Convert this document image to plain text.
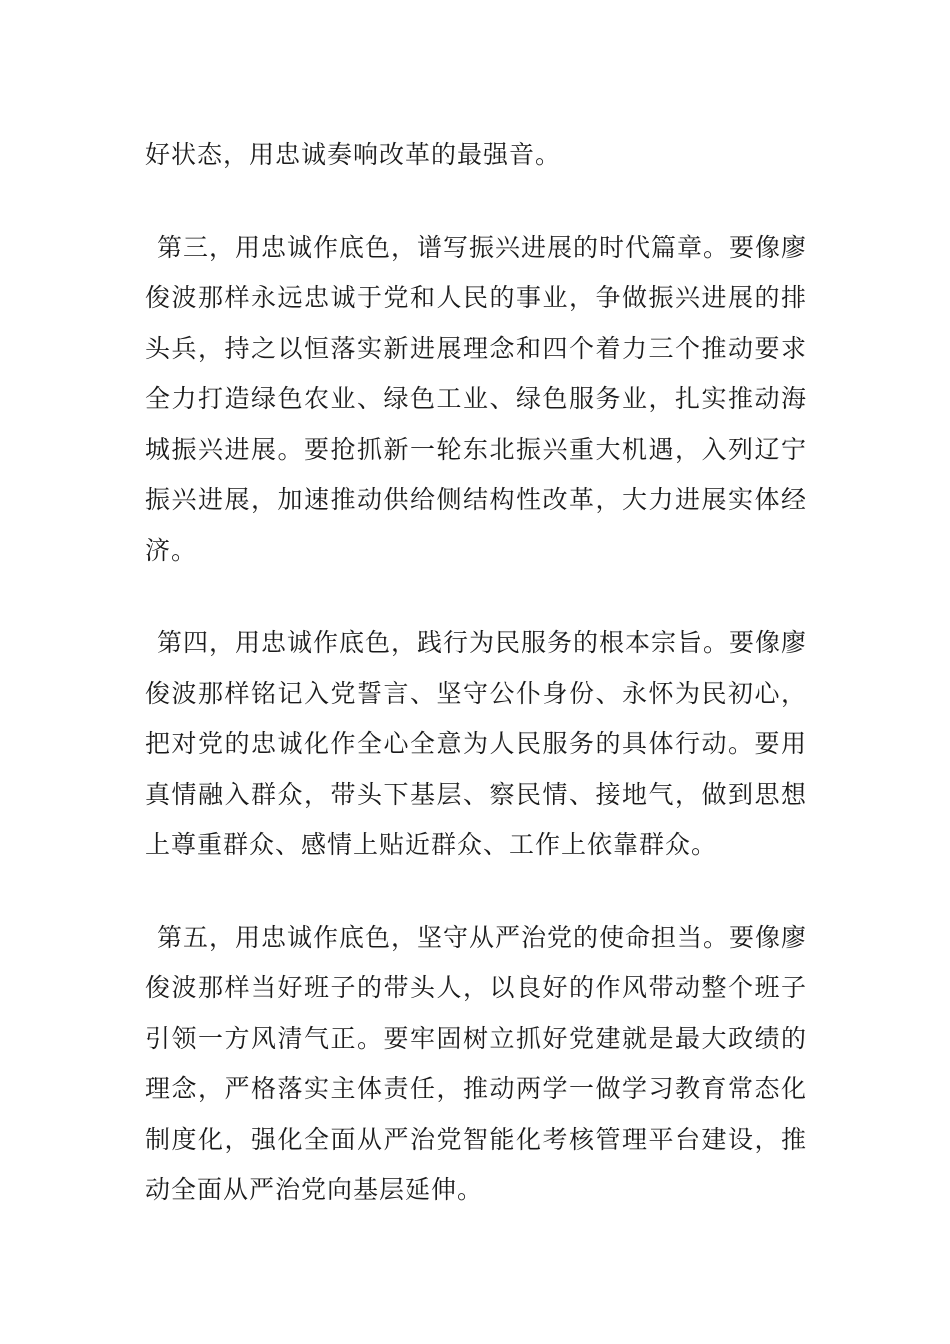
好状态，用忠诚奏响改革的最强音。

第三，用忠诚作底色，谱写振兴进展的时代篇章。要像廖俊波那样永远忠诚于党和人民的事业，争做振兴进展的排头兵，持之以恒落实新进展理念和四个着力三个推动要求全力打造绿色农业、绿色工业、绿色服务业，扎实推动海城振兴进展。要抢抓新一轮东北振兴重大机遇，入列辽宁振兴进展，加速推动供给侧结构性改革，大力进展实体经济。

第四，用忠诚作底色，践行为民服务的根本宗旨。要像廖俊波那样铭记入党誓言、坚守公仆身份、永怀为民初心，把对党的忠诚化作全心全意为人民服务的具体行动。要用真情融入群众，带头下基层、察民情、接地气，做到思想上尊重群众、感情上贴近群众、工作上依靠群众。

第五，用忠诚作底色，坚守从严治党的使命担当。要像廖俊波那样当好班子的带头人，以良好的作风带动整个班子引领一方风清气正。要牢固树立抓好党建就是最大政绩的理念，严格落实主体责任，推动两学一做学习教育常态化制度化，强化全面从严治党智能化考核管理平台建设，推动全面从严治党向基层延伸。
